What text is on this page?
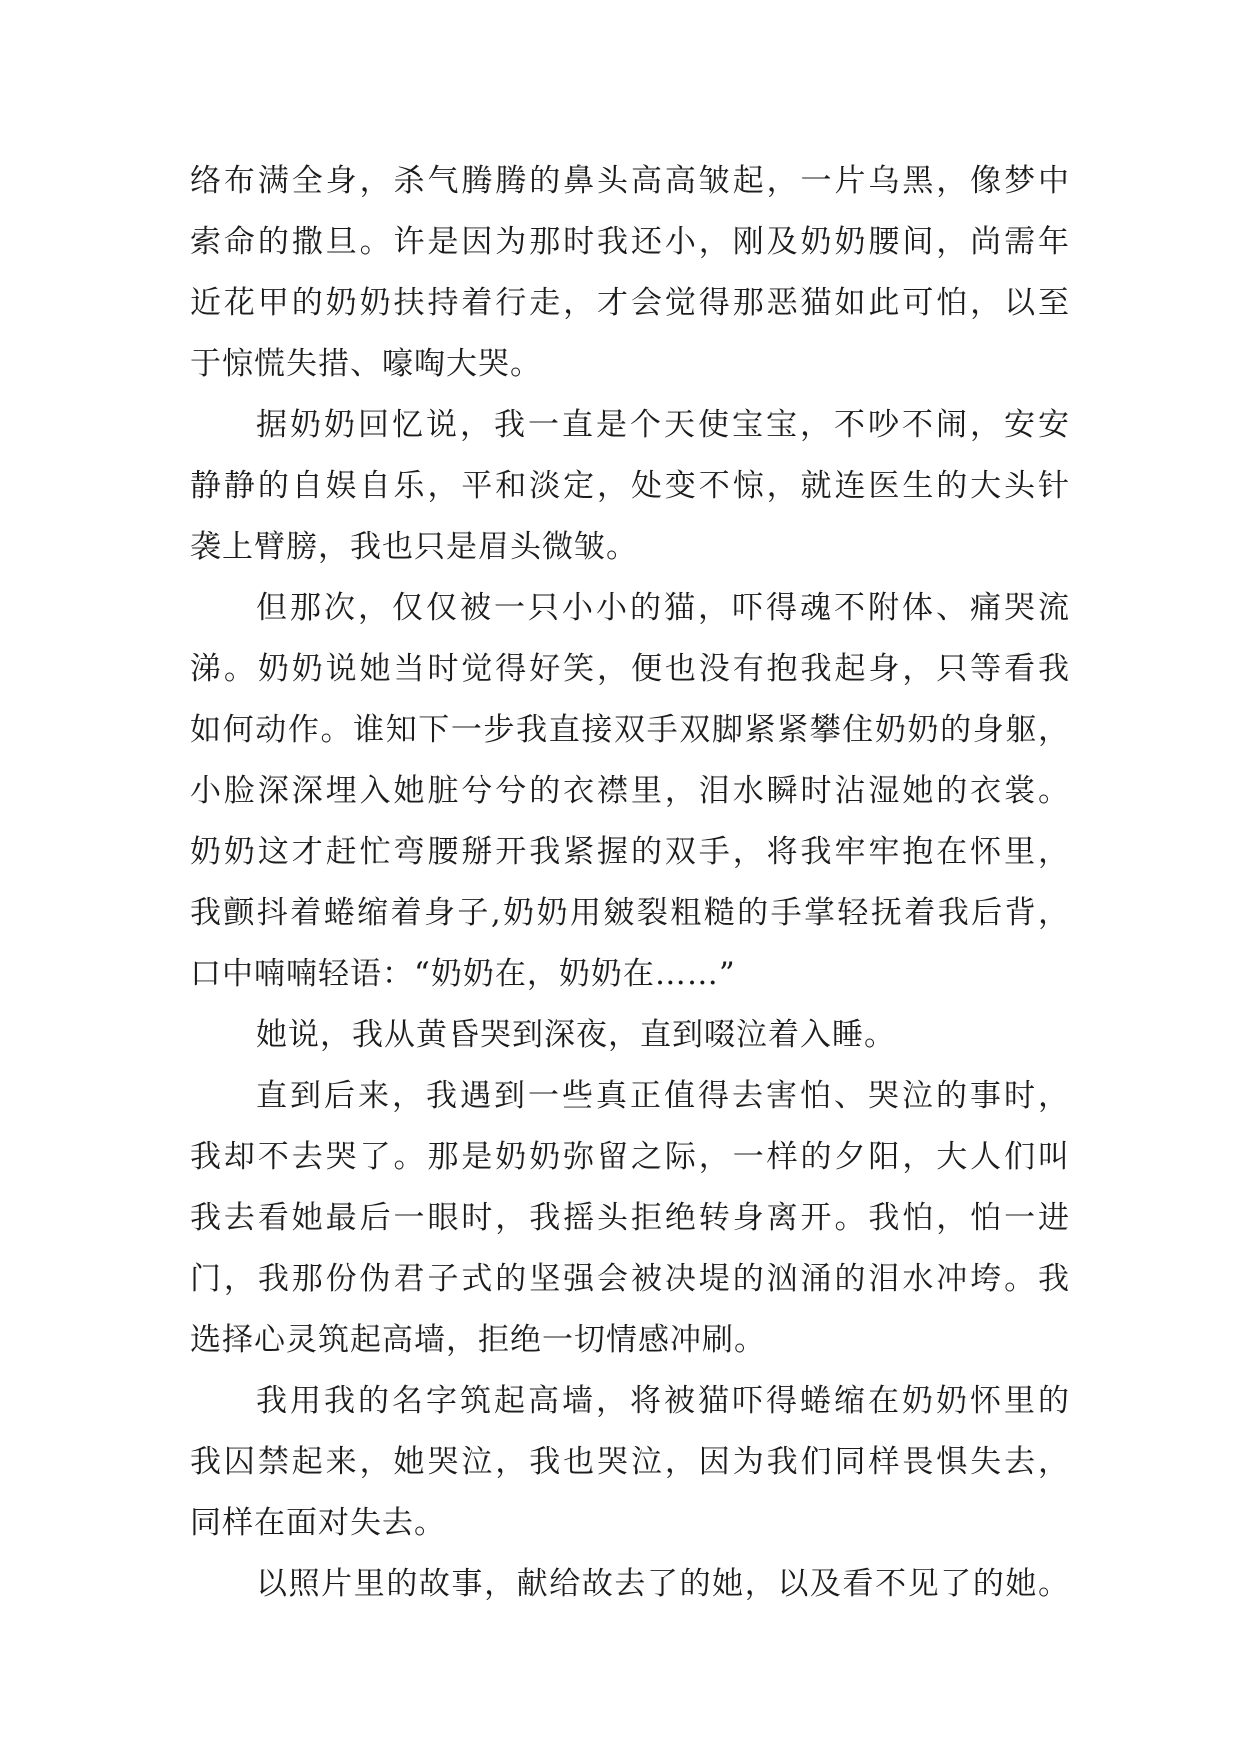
络布满全身，杀气腾腾的鼻头高高皱起，一片乌黑，像梦中
索命的撒旦。许是因为那时我还小，刚及奶奶腰间，尚需年
近花甲的奶奶扶持着行走，才会觉得那恶猫如此可怕，以至
于惊慌失措、嚎啕大哭。
据奶奶回忆说，我一直是个天使宝宝，不吵不闹，安安
静静的自娱自乐，平和淡定，处变不惊，就连医生的大头针
袭上臂膀，我也只是眉头微皱。
但那次，仅仅被一只小小的猫，吓得魂不附体、痛哭流
涕。奶奶说她当时觉得好笑，便也没有抱我起身，只等看我
如何动作。谁知下一步我直接双手双脚紧紧攀住奶奶的身躯，
小脸深深埋入她脏兮兮的衣襟里，泪水瞬时沾湿她的衣裳。
奶奶这才赶忙弯腰掰开我紧握的双手，将我牢牢抱在怀里，
我颤抖着蜷缩着身子,奶奶用皴裂粗糙的手掌轻抚着我后背，
口中喃喃轻语：“奶奶在，奶奶在……”
她说，我从黄昏哭到深夜，直到啜泣着入睡。
直到后来，我遇到一些真正值得去害怕、哭泣的事时，
我却不去哭了。那是奶奶弥留之际，一样的夕阳，大人们叫
我去看她最后一眼时，我摇头拒绝转身离开。我怕，怕一进
门，我那份伪君子式的坚强会被决堤的汹涌的泪水冲垮。我
选择心灵筑起高墙，拒绝一切情感冲刷。
我用我的名字筑起高墙，将被猫吓得蜷缩在奶奶怀里的
我囚禁起来，她哭泣，我也哭泣，因为我们同样畏惧失去，
同样在面对失去。
以照片里的故事，献给故去了的她，以及看不见了的她。
